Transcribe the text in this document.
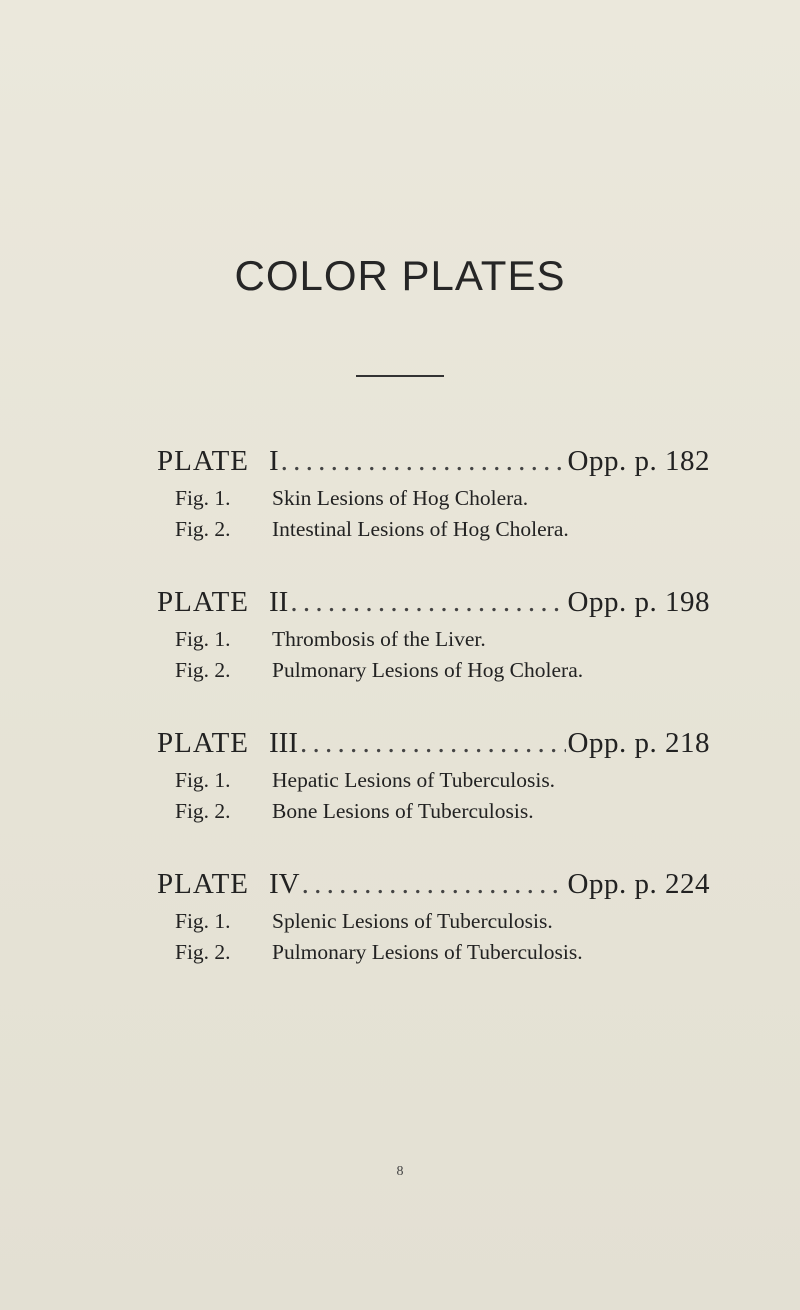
COLOR PLATES
PLATE I . . .	Opp. p. 182
Fig. 1.	Skin Lesions of Hog Cholera.
Fig. 2.	Intestinal Lesions of Hog Cholera.
PLATE II . . .	Opp. p. 198
Fig. 1.	Thrombosis of the Liver.
Fig. 2.	Pulmonary Lesions of Hog Cholera.
PLATE III . . .	Opp. p. 218
Fig. 1.	Hepatic Lesions of Tuberculosis.
Fig. 2.	Bone Lesions of Tuberculosis.
PLATE IV . . .	Opp. p. 224
Fig. 1.	Splenic Lesions of Tuberculosis.
Fig. 2.	Pulmonary Lesions of Tuberculosis.
8
